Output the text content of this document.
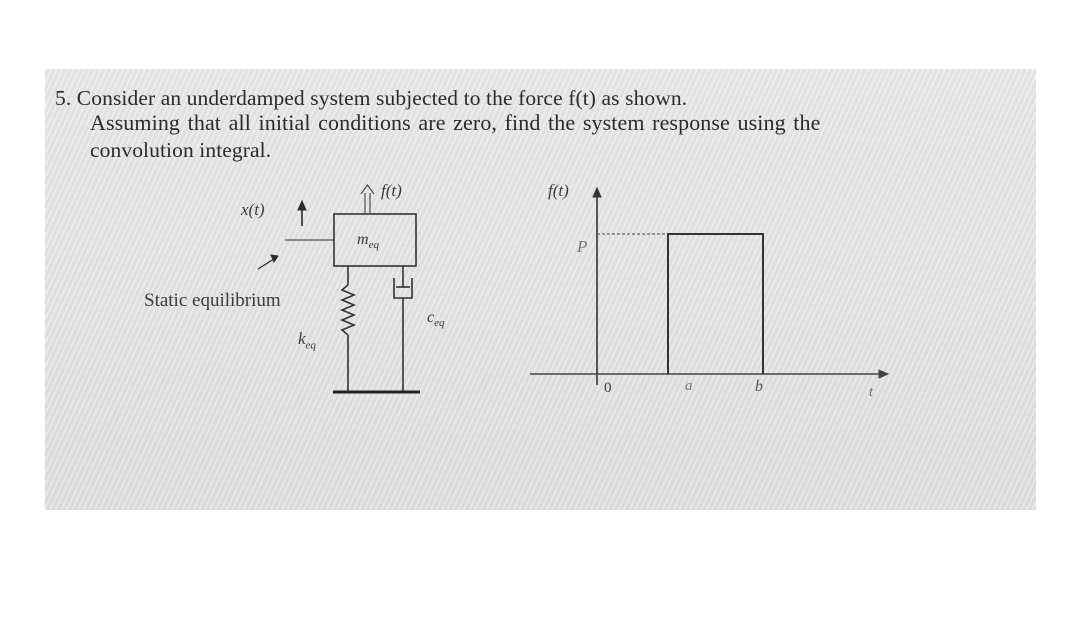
5. Consider an underdamped system subjected to the force f(t) as shown.
Assuming that all initial conditions are zero, find the system response using the
convolution integral.
x(t)
f(t)
$m_{eq}$
Static equilibrium
$k_{eq}$
$c_{eq}$
f(t)
P
0	a	b	t
